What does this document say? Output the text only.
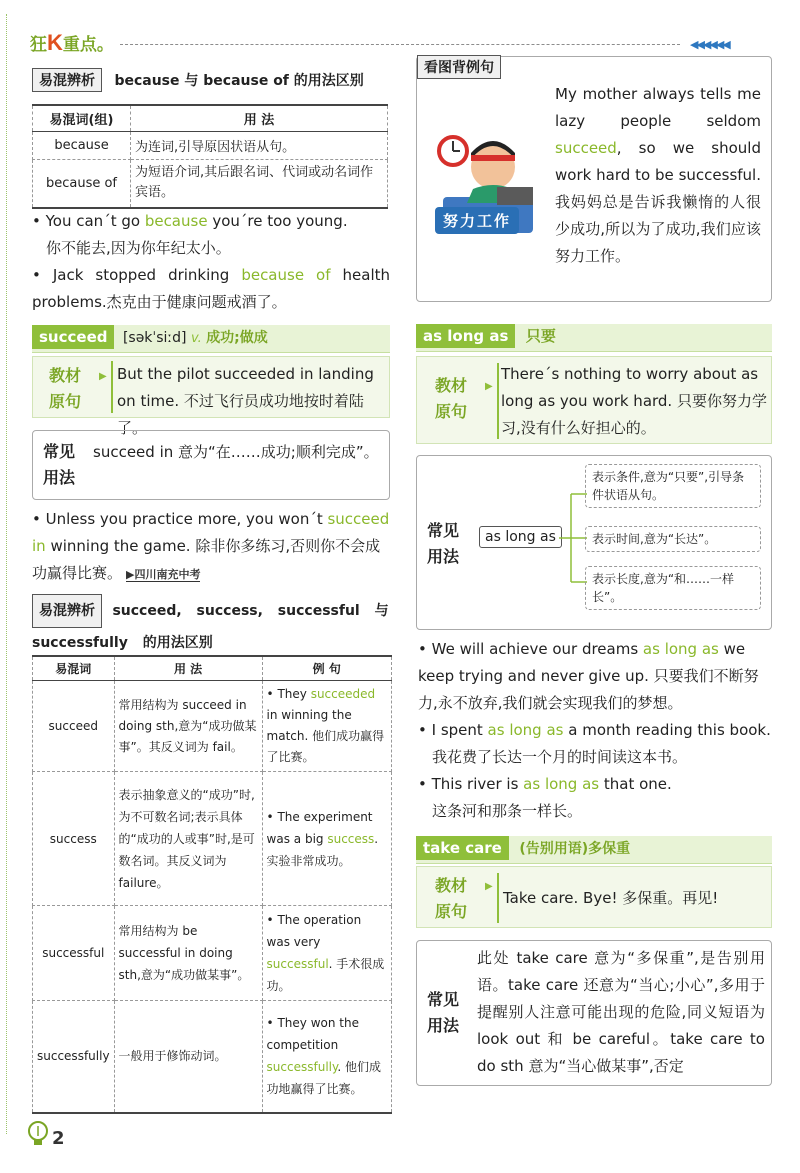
狂K重点。	◀◀◀◀◀◀
易混辨析 because 与 because of 的用法区别
易混词(组)	用 法
because	为连词,引导原因状语从句。
because of	为短语介词,其后跟名词、代词或动名词作宾语。
• You can´t go because you´re too young.
你不能去,因为你年纪太小。
• Jack stopped drinking because of health problems.杰克由于健康问题戒酒了。
succeed [səkˈsiːd] v. 成功;做成
教材
原句
▶ But the pilot succeeded in landing on time. 不过飞行员成功地按时着陆了。
常见
用法
succeed in 意为“在……成功;顺利完成”。
• Unless you practice more, you won´t succeed in winning the game. 除非你多练习,否则你不会成功赢得比赛。 ▶四川南充中考
易混辨析 succeed, success, successful 与 successfully 的用法区别
易混词	用 法	例 句
succeed	常用结构为 succeed in doing sth,意为“成功做某事”。其反义词为 fail。	• They succeeded in winning the match. 他们成功赢得了比赛。
success	表示抽象意义的“成功”时,为不可数名词;表示具体的“成功的人或事”时,是可数名词。其反义词为 failure。	• The experiment was a big success. 实验非常成功。
successful	常用结构为 be successful in doing sth,意为“成功做某事”。	• The operation was very successful. 手术很成功。
successfully	一般用于修饰动词。	• They won the competition successfully. 他们成功地赢得了比赛。
看图背例句
努力工作
My mother always tells me lazy people seldom succeed, so we should work hard to be successful. 我妈妈总是告诉我懒惰的人很少成功,所以为了成功,我们应该努力工作。
as long as 只要
教材
原句
▶
There´s nothing to worry about as long as you work hard. 只要你努力学习,没有什么好担心的。
常见
用法
as long as
表示条件,意为“只要”,引导条件状语从句。
表示时间,意为“长达”。
表示长度,意为“和……一样长”。
• We will achieve our dreams as long as we keep trying and never give up. 只要我们不断努力,永不放弃,我们就会实现我们的梦想。
• I spent as long as a month reading this book.
我花费了长达一个月的时间读这本书。
• This river is as long as that one.
这条河和那条一样长。
take care (告别用语)多保重
教材
原句
▶
Take care. Bye! 多保重。再见!
常见
用法
此处 take care 意为“多保重”,是告别用语。take care 还意为“当心;小心”,多用于提醒别人注意可能出现的危险,同义短语为 look out 和 be careful。take care to do sth 意为“当心做某事”,否定
2
